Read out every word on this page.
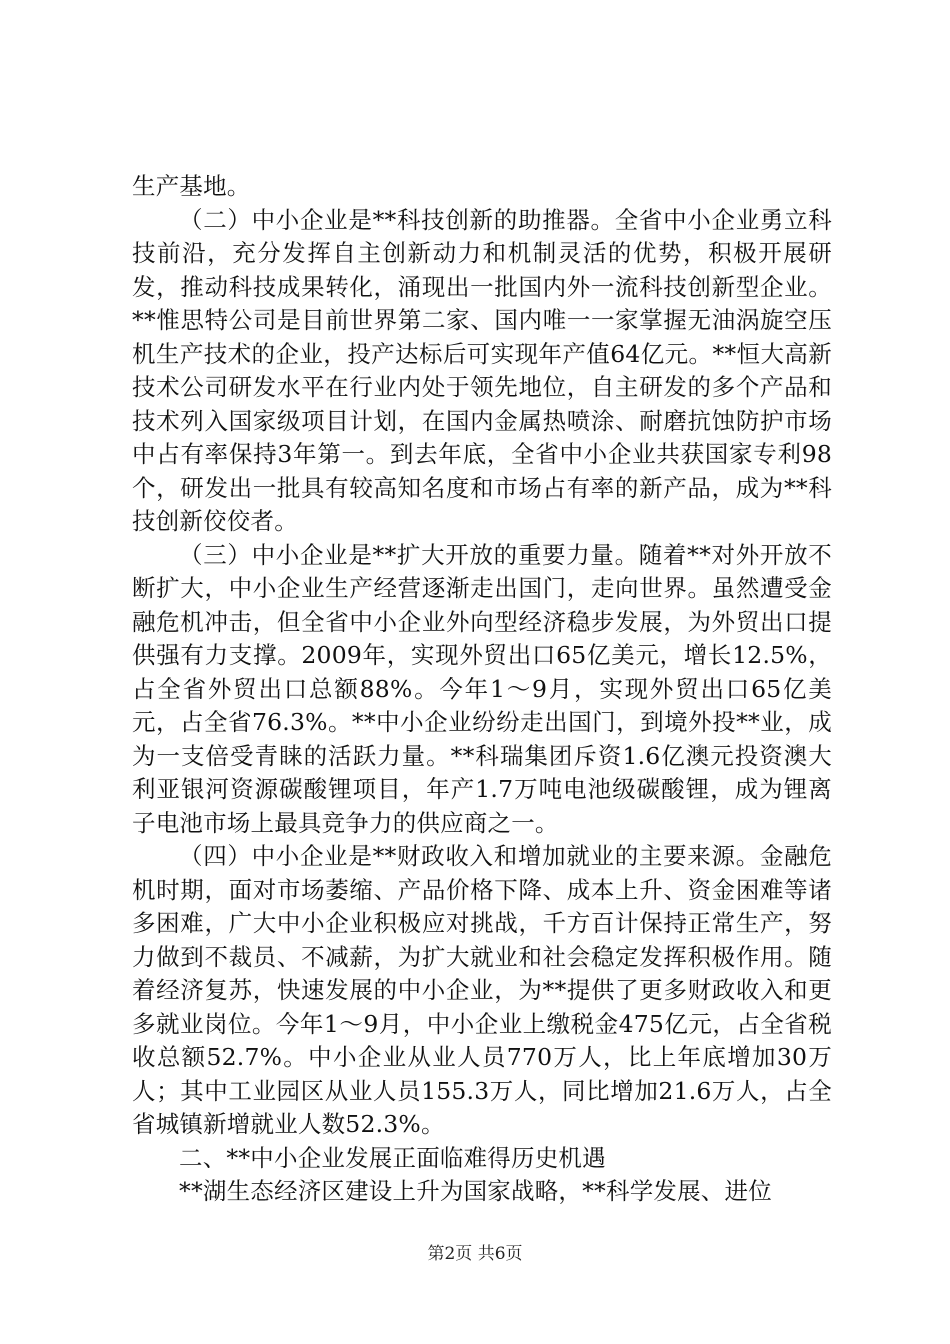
生产基地。

（二）中小企业是**科技创新的助推器。全省中小企业勇立科技前沿，充分发挥自主创新动力和机制灵活的优势，积极开展研发，推动科技成果转化，涌现出一批国内外一流科技创新型企业。**惟思特公司是目前世界第二家、国内唯一一家掌握无油涡旋空压机生产技术的企业，投产达标后可实现年产值64亿元。**恒大高新技术公司研发水平在行业内处于领先地位，自主研发的多个产品和技术列入国家级项目计划，在国内金属热喷涂、耐磨抗蚀防护市场中占有率保持3年第一。到去年底，全省中小企业共获国家专利98个，研发出一批具有较高知名度和市场占有率的新产品，成为**科技创新佼佼者。

（三）中小企业是**扩大开放的重要力量。随着**对外开放不断扩大，中小企业生产经营逐渐走出国门，走向世界。虽然遭受金融危机冲击，但全省中小企业外向型经济稳步发展，为外贸出口提供强有力支撑。2009年，实现外贸出口65亿美元，增长12.5%，占全省外贸出口总额88%。今年1～9月，实现外贸出口65亿美元，占全省76.3%。**中小企业纷纷走出国门，到境外投**业，成为一支倍受青睐的活跃力量。**科瑞集团斥资1.6亿澳元投资澳大利亚银河资源碳酸锂项目，年产1.7万吨电池级碳酸锂，成为锂离子电池市场上最具竞争力的供应商之一。

（四）中小企业是**财政收入和增加就业的主要来源。金融危机时期，面对市场萎缩、产品价格下降、成本上升、资金困难等诸多困难，广大中小企业积极应对挑战，千方百计保持正常生产，努力做到不裁员、不减薪，为扩大就业和社会稳定发挥积极作用。随着经济复苏，快速发展的中小企业，为**提供了更多财政收入和更多就业岗位。今年1～9月，中小企业上缴税金475亿元，占全省税收总额52.7%。中小企业从业人员770万人，比上年底增加30万人；其中工业园区从业人员155.3万人，同比增加21.6万人，占全省城镇新增就业人数52.3%。

二、**中小企业发展正面临难得历史机遇

**湖生态经济区建设上升为国家战略，**科学发展、进位

第2页 共6页
